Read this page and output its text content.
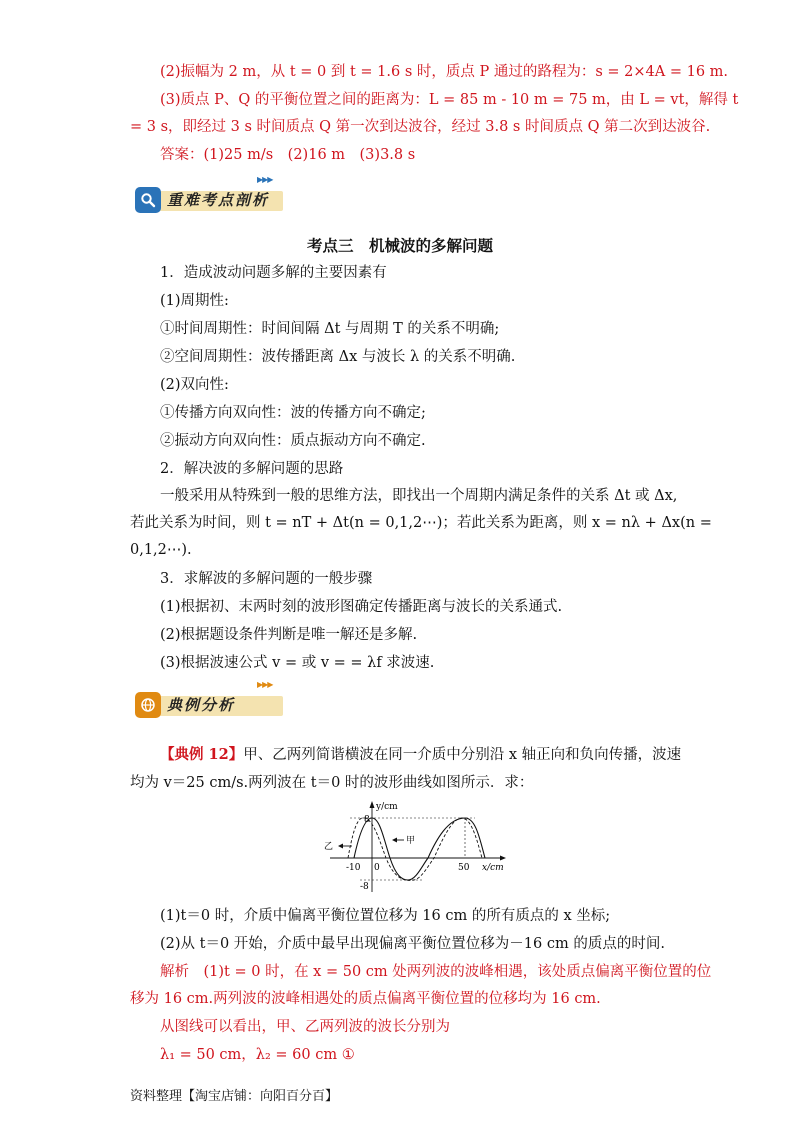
(2)振幅为 2 m，从 t = 0 到 t = 1.6 s 时，质点 P 通过的路程为：s = 2×4A = 16 m.
(3)质点 P、Q 的平衡位置之间的距离为：L = 85 m - 10 m = 75 m，由 L = vt，解得 t
= 3 s，即经过 3 s 时间质点 Q 第一次到达波谷，经过 3.8 s 时间质点 Q 第二次到达波谷.
答案：(1)25 m/s　(2)16 m　(3)3.8 s
重难考点剖析
▶▶▶
考点三　机械波的多解问题
1．造成波动问题多解的主要因素有
(1)周期性:
①时间周期性：时间间隔 Δt 与周期 T 的关系不明确;
②空间周期性：波传播距离 Δx 与波长 λ 的关系不明确.
(2)双向性:
①传播方向双向性：波的传播方向不确定;
②振动方向双向性：质点振动方向不确定.
2．解决波的多解问题的思路
一般采用从特殊到一般的思维方法，即找出一个周期内满足条件的关系 Δt 或 Δx,
若此关系为时间，则 t = nT + Δt(n = 0,1,2⋯)；若此关系为距离，则 x = nλ + Δx(n =
0,1,2⋯).
3．求解波的多解问题的一般步骤
(1)根据初、末两时刻的波形图确定传播距离与波长的关系通式.
(2)根据题设条件判断是唯一解还是多解.
(3)根据波速公式 v = 或 v = = λf 求波速.
典例分析
▶▶▶
【典例 12】甲、乙两列简谐横波在同一介质中分别沿 x 轴正向和负向传播，波速
均为 v＝25 cm/s.两列波在 t＝0 时的波形曲线如图所示．求：
y/cm
x/cm
8
-8
-10 0	50
乙
甲
(1)t＝0 时，介质中偏离平衡位置位移为 16 cm 的所有质点的 x 坐标;
(2)从 t＝0 开始，介质中最早出现偏离平衡位置位移为－16 cm 的质点的时间.
解析　(1)t = 0 时，在 x = 50 cm 处两列波的波峰相遇，该处质点偏离平衡位置的位
移为 16 cm.两列波的波峰相遇处的质点偏离平衡位置的位移均为 16 cm.
从图线可以看出，甲、乙两列波的波长分别为
λ₁ = 50 cm，λ₂ = 60 cm ①
资料整理【淘宝店铺：向阳百分百】
